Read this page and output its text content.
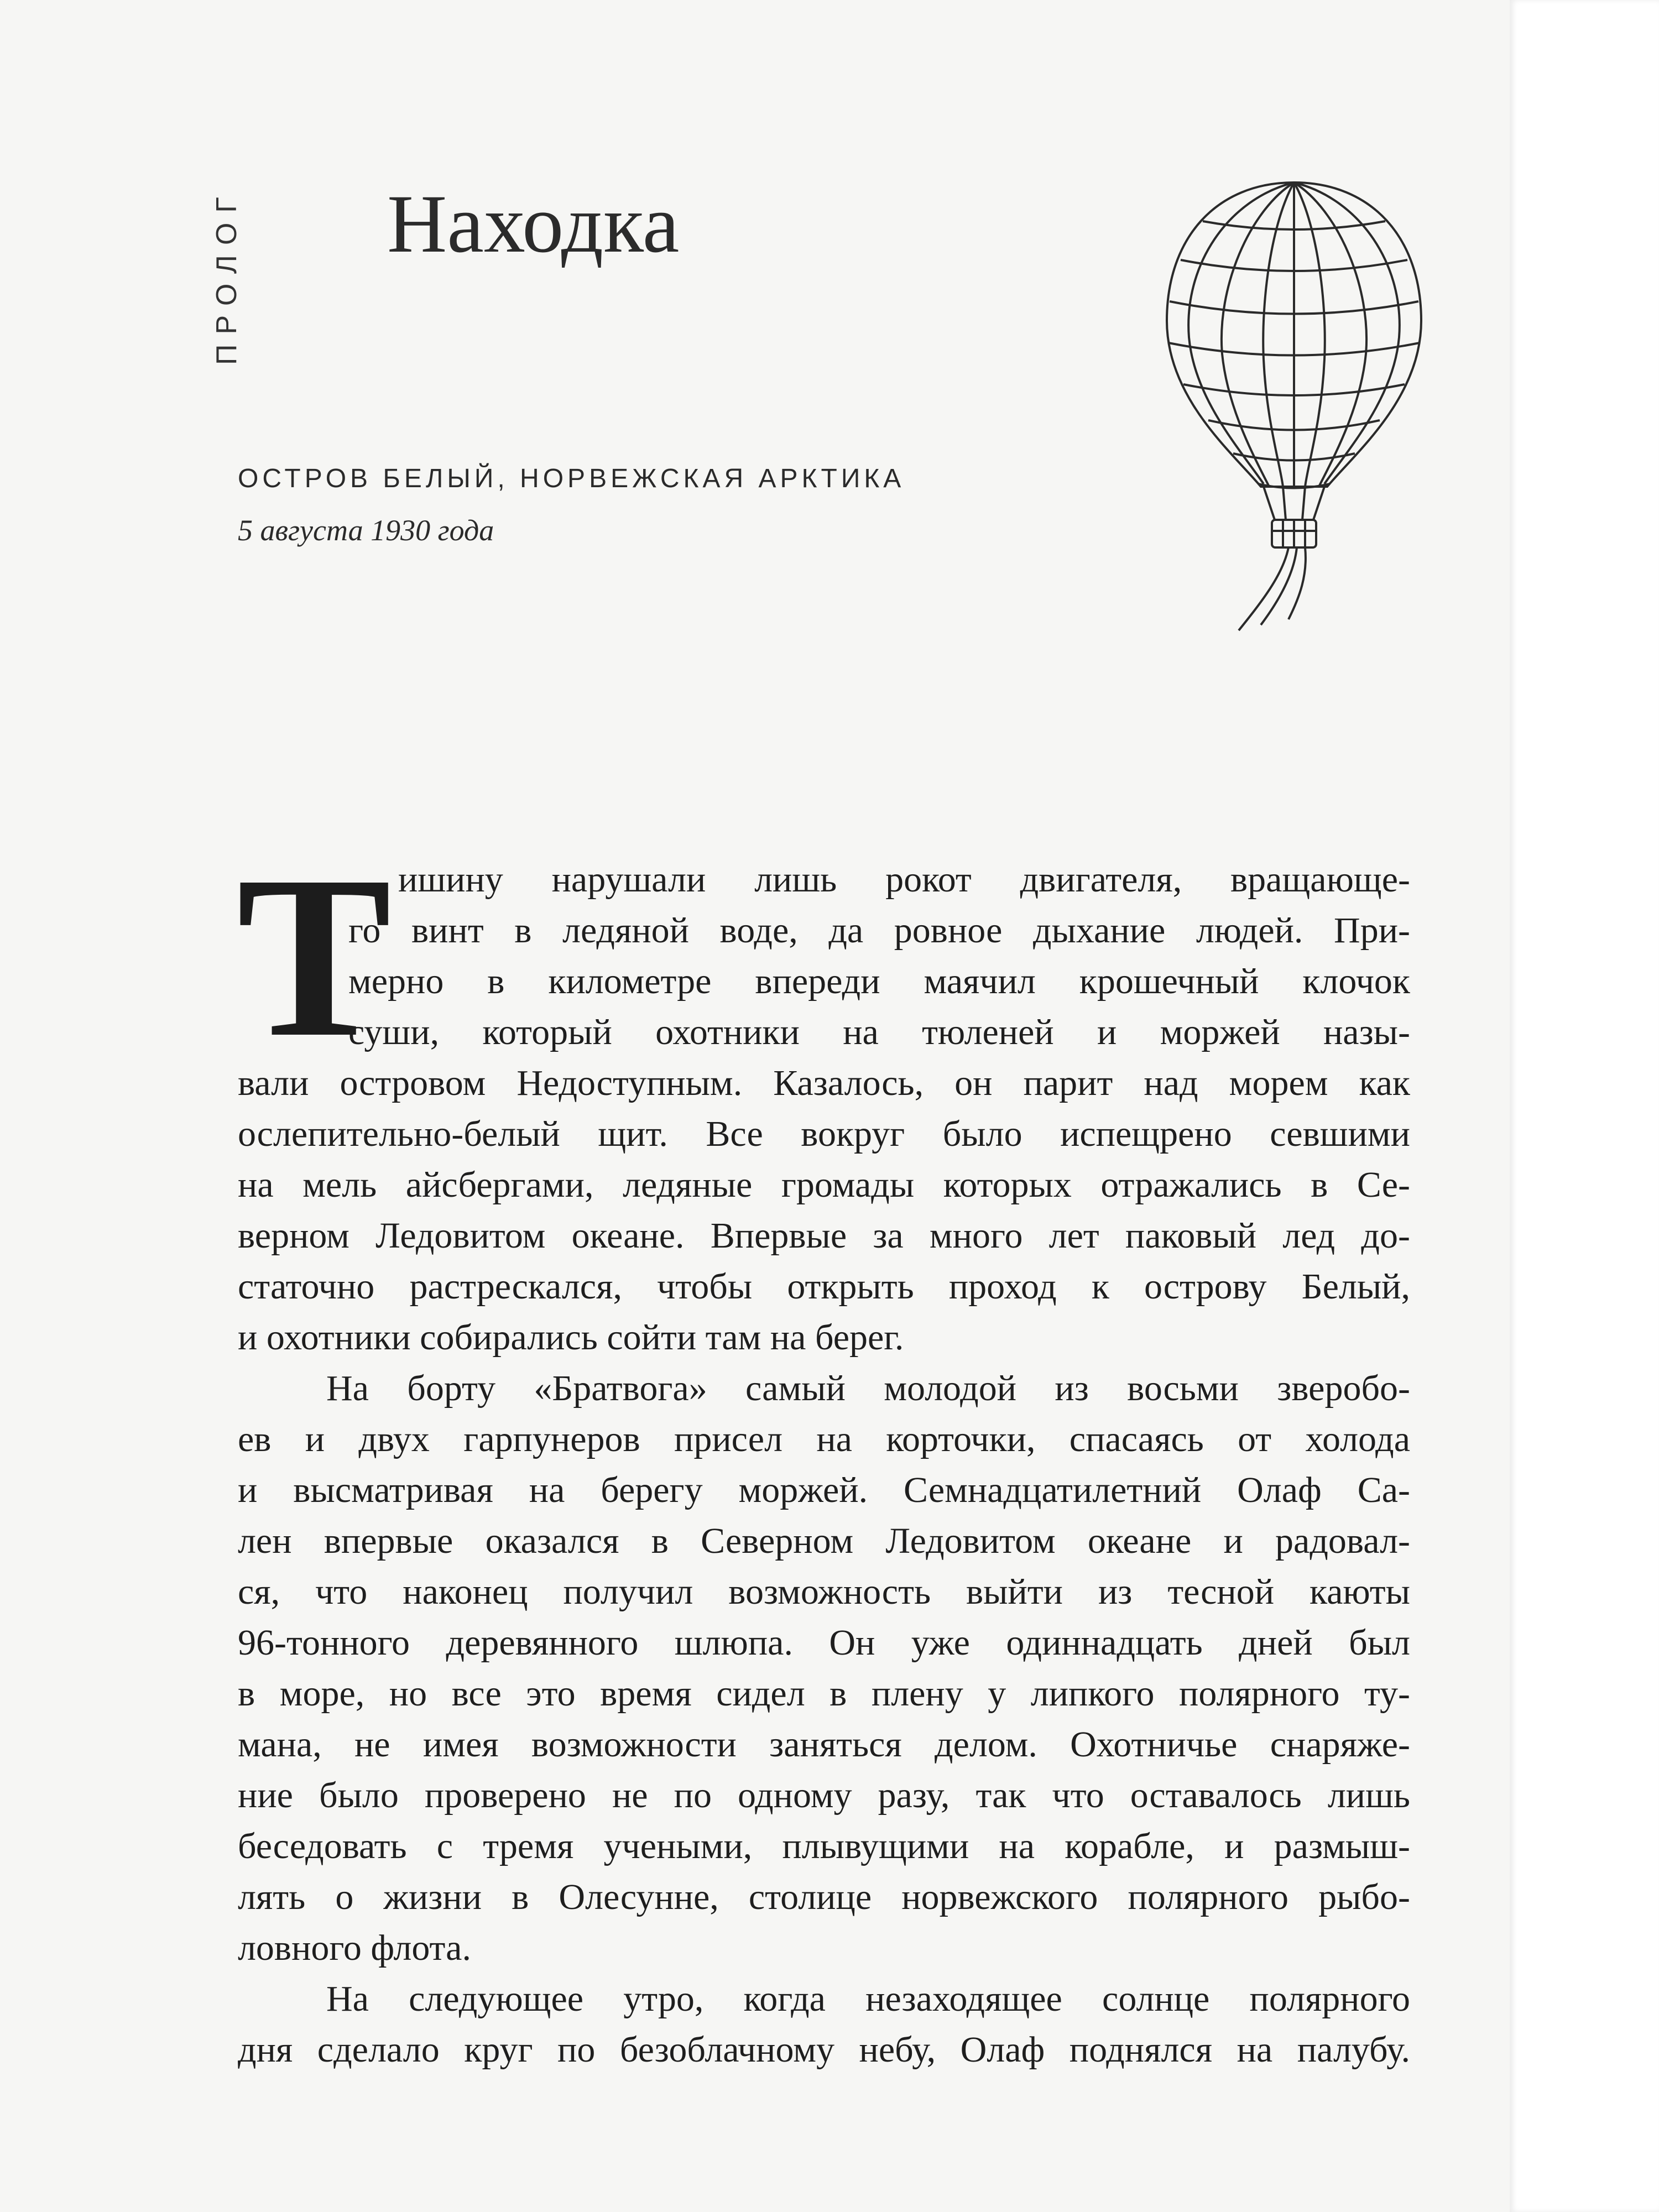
ПРОЛОГ Находка
ОСТРОВ БЕЛЫЙ, НОРВЕЖСКАЯ АРКТИКА
5 августа 1930 года
Т ишину нарушали лишь рокот двигателя, вращающе-
го винт в ледяной воде, да ровное дыхание людей. При-
мерно в километре впереди маячил крошечный клочок
суши, который охотники на тюленей и моржей назы-
вали островом Недоступным. Казалось, он парит над морем как
ослепительно-белый щит. Все вокруг было испещрено севшими
на мель айсбергами, ледяные громады которых отражались в Се-
верном Ледовитом океане. Впервые за много лет паковый лед до-
статочно растрескался, чтобы открыть проход к острову Белый,
и охотники собирались сойти там на берег.
На борту «Братвога» самый молодой из восьми зверобо-
ев и двух гарпунеров присел на корточки, спасаясь от холода
и высматривая на берегу моржей. Семнадцатилетний Олаф Са-
лен впервые оказался в Северном Ледовитом океане и радовал-
ся, что наконец получил возможность выйти из тесной каюты
96-тонного деревянного шлюпа. Он уже одиннадцать дней был
в море, но все это время сидел в плену у липкого полярного ту-
мана, не имея возможности заняться делом. Охотничье снаряже-
ние было проверено не по одному разу, так что оставалось лишь
беседовать с тремя учеными, плывущими на корабле, и размыш-
лять о жизни в Олесунне, столице норвежского полярного рыбо-
ловного флота.
На следующее утро, когда незаходящее солнце полярного
дня сделало круг по безоблачному небу, Олаф поднялся на палубу.
